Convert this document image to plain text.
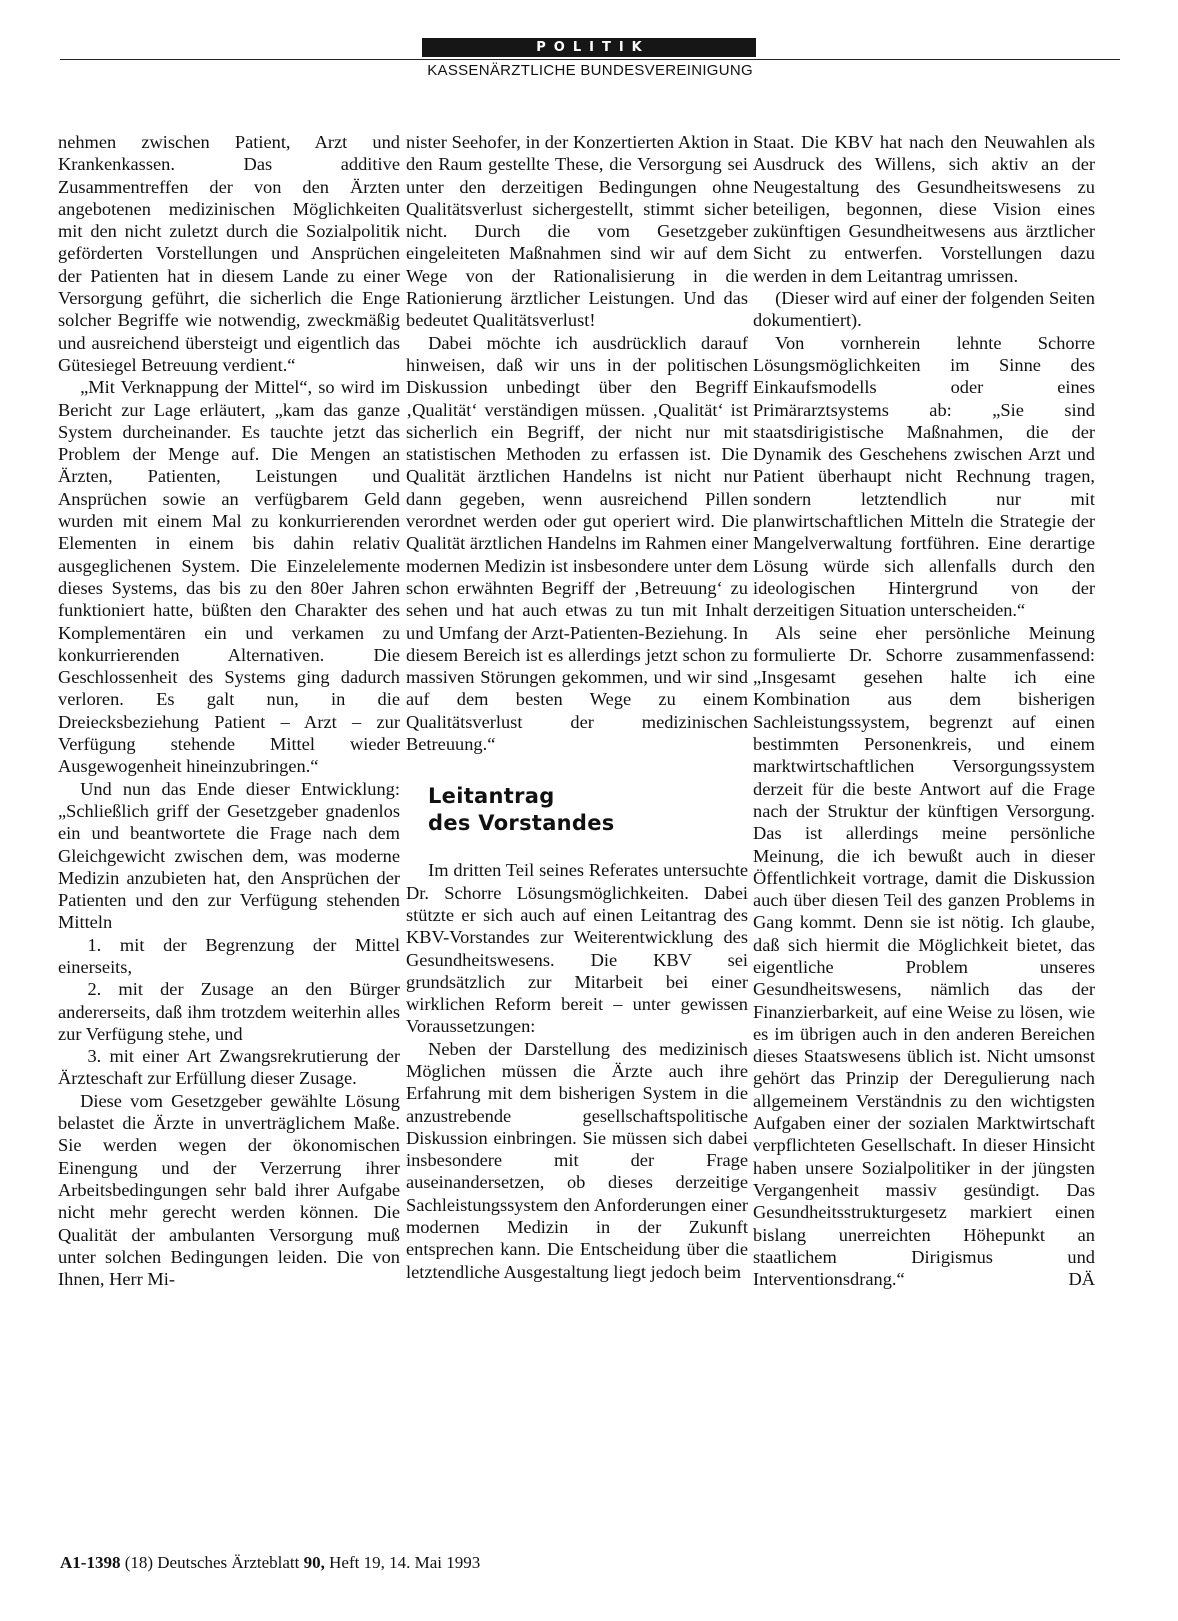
POLITIK
KASSENÄRZTLICHE BUNDESVEREINIGUNG

nehmen zwischen Patient, Arzt und Krankenkassen. Das additive Zusammentreffen der von den Ärzten angebotenen medizinischen Möglichkeiten mit den nicht zuletzt durch die Sozialpolitik geförderten Vorstellungen und Ansprüchen der Patienten hat in diesem Lande zu einer Versorgung geführt, die sicherlich die Enge solcher Begriffe wie notwendig, zweckmäßig und ausreichend übersteigt und eigentlich das Gütesiegel Betreuung verdient.“

„Mit Verknappung der Mittel“, so wird im Bericht zur Lage erläutert, „kam das ganze System durcheinander. Es tauchte jetzt das Problem der Menge auf. Die Mengen an Ärzten, Patienten, Leistungen und Ansprüchen sowie an verfügbarem Geld wurden mit einem Mal zu konkurrierenden Elementen in einem bis dahin relativ ausgeglichenen System. Die Einzelelemente dieses Systems, das bis zu den 80er Jahren funktioniert hatte, büßten den Charakter des Komplementären ein und verkamen zu konkurrierenden Alternativen. Die Geschlossenheit des Systems ging dadurch verloren. Es galt nun, in die Dreiecksbeziehung Patient – Arzt – zur Verfügung stehende Mittel wieder Ausgewogenheit hineinzubringen.“

Und nun das Ende dieser Entwicklung: „Schließlich griff der Gesetzgeber gnadenlos ein und beantwortete die Frage nach dem Gleichgewicht zwischen dem, was moderne Medizin anzubieten hat, den Ansprüchen der Patienten und den zur Verfügung stehenden Mitteln

1. mit der Begrenzung der Mittel einerseits,

2. mit der Zusage an den Bürger andererseits, daß ihm trotzdem weiterhin alles zur Verfügung stehe, und

3. mit einer Art Zwangsrekrutierung der Ärzteschaft zur Erfüllung dieser Zusage.

Diese vom Gesetzgeber gewählte Lösung belastet die Ärzte in unverträglichem Maße. Sie werden wegen der ökonomischen Einengung und der Verzerrung ihrer Arbeitsbedingungen sehr bald ihrer Aufgabe nicht mehr gerecht werden können. Die Qualität der ambulanten Versorgung muß unter solchen Bedingungen leiden. Die von Ihnen, Herr Mi-

nister Seehofer, in der Konzertierten Aktion in den Raum gestellte These, die Versorgung sei unter den derzeitigen Bedingungen ohne Qualitätsverlust sichergestellt, stimmt sicher nicht. Durch die vom Gesetzgeber eingeleiteten Maßnahmen sind wir auf dem Wege von der Rationalisierung in die Rationierung ärztlicher Leistungen. Und das bedeutet Qualitätsverlust!

Dabei möchte ich ausdrücklich darauf hinweisen, daß wir uns in der politischen Diskussion unbedingt über den Begriff ‚Qualität‘ verständigen müssen. ‚Qualität‘ ist sicherlich ein Begriff, der nicht nur mit statistischen Methoden zu erfassen ist. Die Qualität ärztlichen Handelns ist nicht nur dann gegeben, wenn ausreichend Pillen verordnet werden oder gut operiert wird. Die Qualität ärztlichen Handelns im Rahmen einer modernen Medizin ist insbesondere unter dem schon erwähnten Begriff der ‚Betreuung‘ zu sehen und hat auch etwas zu tun mit Inhalt und Umfang der Arzt-Patienten-Beziehung. In diesem Bereich ist es allerdings jetzt schon zu massiven Störungen gekommen, und wir sind auf dem besten Wege zu einem Qualitätsverlust der medizinischen Betreuung.“

Leitantrag
des Vorstandes

Im dritten Teil seines Referates untersuchte Dr. Schorre Lösungsmöglichkeiten. Dabei stützte er sich auch auf einen Leitantrag des KBV-Vorstandes zur Weiterentwicklung des Gesundheitswesens. Die KBV sei grundsätzlich zur Mitarbeit bei einer wirklichen Reform bereit – unter gewissen Voraussetzungen:

Neben der Darstellung des medizinisch Möglichen müssen die Ärzte auch ihre Erfahrung mit dem bisherigen System in die anzustrebende gesellschaftspolitische Diskussion einbringen. Sie müssen sich dabei insbesondere mit der Frage auseinandersetzen, ob dieses derzeitige Sachleistungssystem den Anforderungen einer modernen Medizin in der Zukunft entsprechen kann. Die Entscheidung über die letztendliche Ausgestaltung liegt jedoch beim

Staat. Die KBV hat nach den Neuwahlen als Ausdruck des Willens, sich aktiv an der Neugestaltung des Gesundheitswesens zu beteiligen, begonnen, diese Vision eines zukünftigen Gesundheitwesens aus ärztlicher Sicht zu entwerfen. Vorstellungen dazu werden in dem Leitantrag umrissen.

(Dieser wird auf einer der folgenden Seiten dokumentiert).

Von vornherein lehnte Schorre Lösungsmöglichkeiten im Sinne des Einkaufsmodells oder eines Primärarztsystems ab: „Sie sind staatsdirigistische Maßnahmen, die der Dynamik des Geschehens zwischen Arzt und Patient überhaupt nicht Rechnung tragen, sondern letztendlich nur mit planwirtschaftlichen Mitteln die Strategie der Mangelverwaltung fortführen. Eine derartige Lösung würde sich allenfalls durch den ideologischen Hintergrund von der derzeitigen Situation unterscheiden.“

Als seine eher persönliche Meinung formulierte Dr. Schorre zusammenfassend: „Insgesamt gesehen halte ich eine Kombination aus dem bisherigen Sachleistungssystem, begrenzt auf einen bestimmten Personenkreis, und einem marktwirtschaftlichen Versorgungssystem derzeit für die beste Antwort auf die Frage nach der Struktur der künftigen Versorgung. Das ist allerdings meine persönliche Meinung, die ich bewußt auch in dieser Öffentlichkeit vortrage, damit die Diskussion auch über diesen Teil des ganzen Problems in Gang kommt. Denn sie ist nötig. Ich glaube, daß sich hiermit die Möglichkeit bietet, das eigentliche Problem unseres Gesundheitswesens, nämlich das der Finanzierbarkeit, auf eine Weise zu lösen, wie es im übrigen auch in den anderen Bereichen dieses Staatswesens üblich ist. Nicht umsonst gehört das Prinzip der Deregulierung nach allgemeinem Verständnis zu den wichtigsten Aufgaben einer der sozialen Marktwirtschaft verpflichteten Gesellschaft. In dieser Hinsicht haben unsere Sozialpolitiker in der jüngsten Vergangenheit massiv gesündigt. Das Gesundheitsstrukturgesetz markiert einen bislang unerreichten Höhepunkt an staatlichem Dirigismus und Interventionsdrang.“	DÄ

A1-1398 (18) Deutsches Ärzteblatt 90, Heft 19, 14. Mai 1993
